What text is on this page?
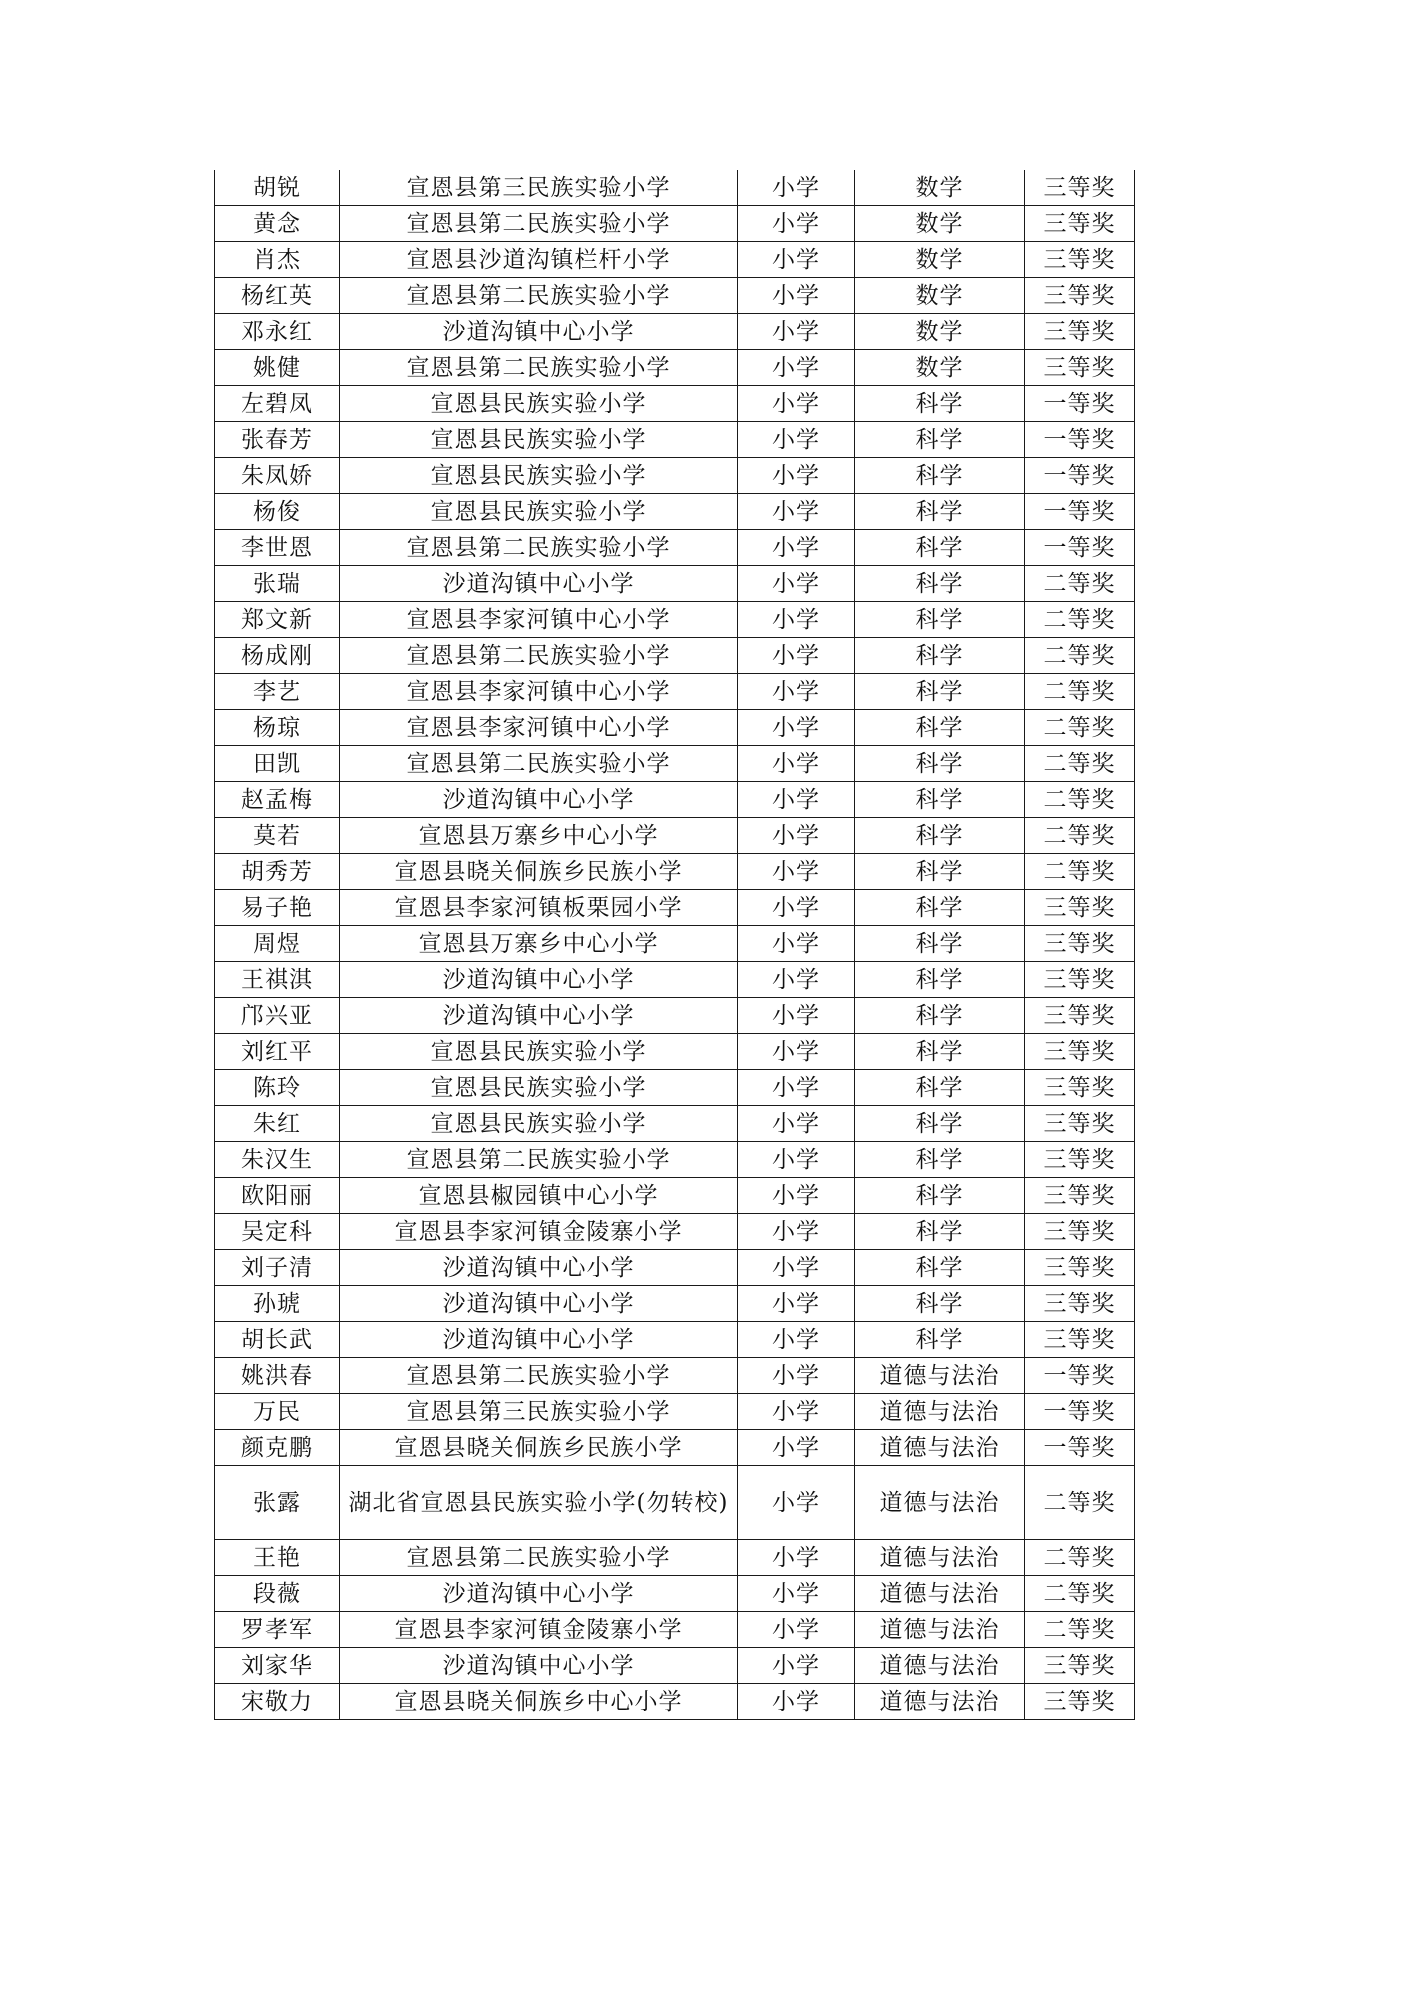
胡锐	宣恩县第三民族实验小学	小学	数学	三等奖
黄念	宣恩县第二民族实验小学	小学	数学	三等奖
肖杰	宣恩县沙道沟镇栏杆小学	小学	数学	三等奖
杨红英	宣恩县第二民族实验小学	小学	数学	三等奖
邓永红	沙道沟镇中心小学	小学	数学	三等奖
姚健	宣恩县第二民族实验小学	小学	数学	三等奖
左碧凤	宣恩县民族实验小学	小学	科学	一等奖
张春芳	宣恩县民族实验小学	小学	科学	一等奖
朱凤娇	宣恩县民族实验小学	小学	科学	一等奖
杨俊	宣恩县民族实验小学	小学	科学	一等奖
李世恩	宣恩县第二民族实验小学	小学	科学	一等奖
张瑞	沙道沟镇中心小学	小学	科学	二等奖
郑文新	宣恩县李家河镇中心小学	小学	科学	二等奖
杨成刚	宣恩县第二民族实验小学	小学	科学	二等奖
李艺	宣恩县李家河镇中心小学	小学	科学	二等奖
杨琼	宣恩县李家河镇中心小学	小学	科学	二等奖
田凯	宣恩县第二民族实验小学	小学	科学	二等奖
赵孟梅	沙道沟镇中心小学	小学	科学	二等奖
莫若	宣恩县万寨乡中心小学	小学	科学	二等奖
胡秀芳	宣恩县晓关侗族乡民族小学	小学	科学	二等奖
易子艳	宣恩县李家河镇板栗园小学	小学	科学	三等奖
周煜	宣恩县万寨乡中心小学	小学	科学	三等奖
王祺淇	沙道沟镇中心小学	小学	科学	三等奖
邝兴亚	沙道沟镇中心小学	小学	科学	三等奖
刘红平	宣恩县民族实验小学	小学	科学	三等奖
陈玲	宣恩县民族实验小学	小学	科学	三等奖
朱红	宣恩县民族实验小学	小学	科学	三等奖
朱汉生	宣恩县第二民族实验小学	小学	科学	三等奖
欧阳丽	宣恩县椒园镇中心小学	小学	科学	三等奖
吴定科	宣恩县李家河镇金陵寨小学	小学	科学	三等奖
刘子清	沙道沟镇中心小学	小学	科学	三等奖
孙琥	沙道沟镇中心小学	小学	科学	三等奖
胡长武	沙道沟镇中心小学	小学	科学	三等奖
姚洪春	宣恩县第二民族实验小学	小学	道德与法治	一等奖
万民	宣恩县第三民族实验小学	小学	道德与法治	一等奖
颜克鹏	宣恩县晓关侗族乡民族小学	小学	道德与法治	一等奖
张露	湖北省宣恩县民族实验小学(勿转校)	小学	道德与法治	二等奖
王艳	宣恩县第二民族实验小学	小学	道德与法治	二等奖
段薇	沙道沟镇中心小学	小学	道德与法治	二等奖
罗孝军	宣恩县李家河镇金陵寨小学	小学	道德与法治	二等奖
刘家华	沙道沟镇中心小学	小学	道德与法治	三等奖
宋敬力	宣恩县晓关侗族乡中心小学	小学	道德与法治	三等奖
